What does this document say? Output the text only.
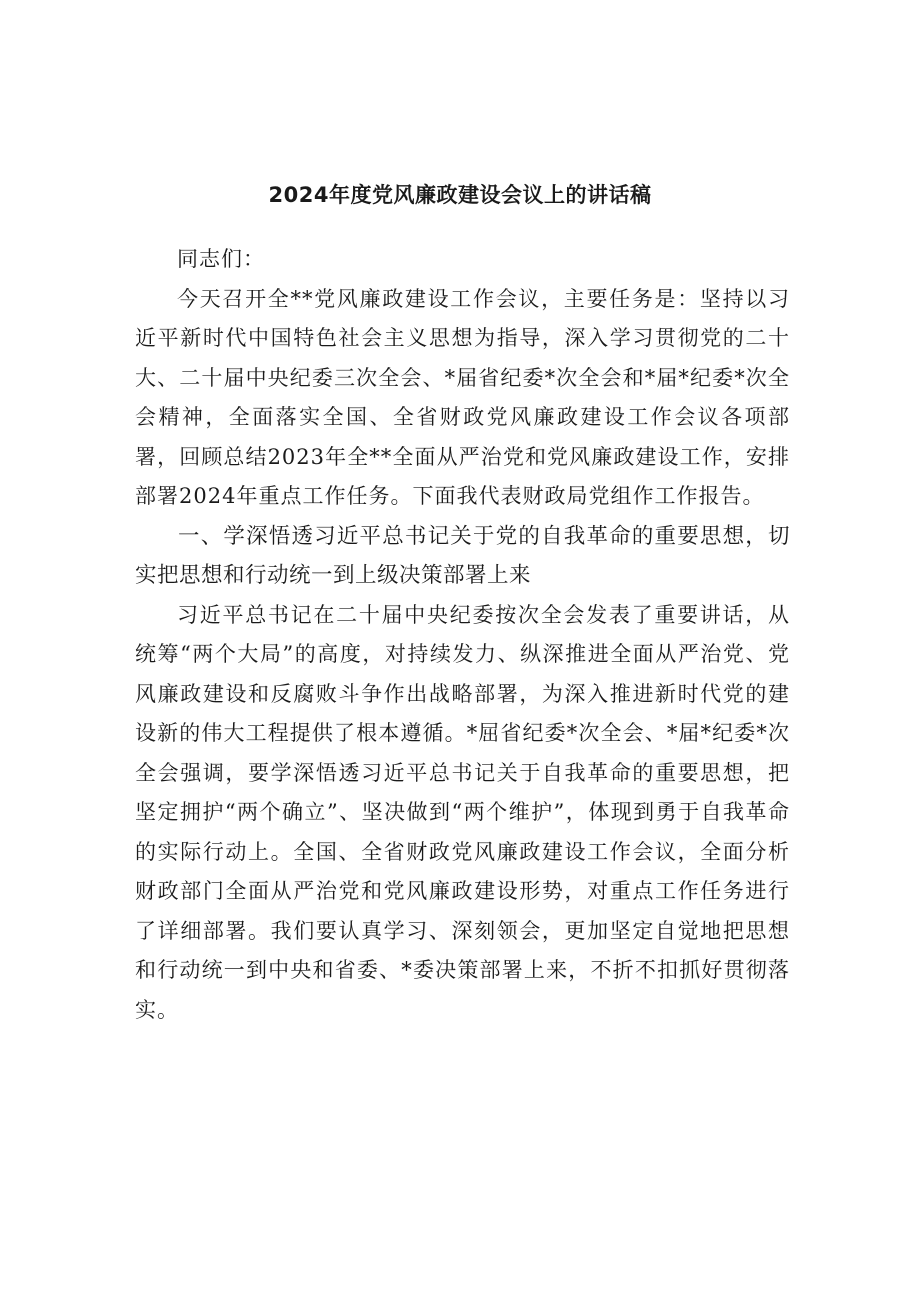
2024年度党风廉政建设会议上的讲话稿

同志们：

今天召开全**党风廉政建设工作会议，主要任务是：坚持以习近平新时代中国特色社会主义思想为指导，深入学习贯彻党的二十大、二十届中央纪委三次全会、*届省纪委*次全会和*届*纪委*次全会精神，全面落实全国、全省财政党风廉政建设工作会议各项部署，回顾总结2023年全**全面从严治党和党风廉政建设工作，安排部署2024年重点工作任务。下面我代表财政局党组作工作报告。

一、学深悟透习近平总书记关于党的自我革命的重要思想，切实把思想和行动统一到上级决策部署上来

习近平总书记在二十届中央纪委按次全会发表了重要讲话，从统筹“两个大局”的高度，对持续发力、纵深推进全面从严治党、党风廉政建设和反腐败斗争作出战略部署，为深入推进新时代党的建设新的伟大工程提供了根本遵循。*屈省纪委*次全会、*届*纪委*次全会强调，要学深悟透习近平总书记关于自我革命的重要思想，把坚定拥护“两个确立”、坚决做到“两个维护”，体现到勇于自我革命的实际行动上。全国、全省财政党风廉政建设工作会议，全面分析财政部门全面从严治党和党风廉政建设形势，对重点工作任务进行了详细部署。我们要认真学习、深刻领会，更加坚定自觉地把思想和行动统一到中央和省委、*委决策部署上来，不折不扣抓好贯彻落实。
